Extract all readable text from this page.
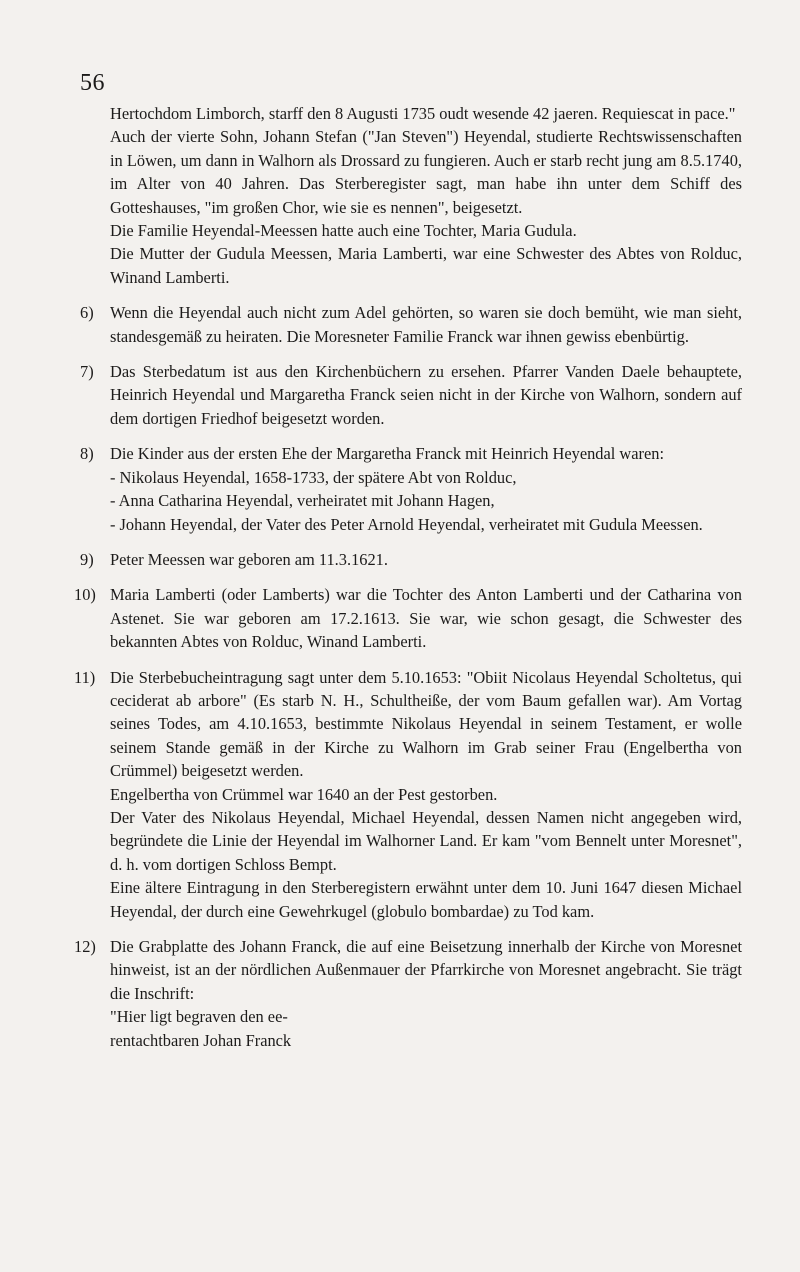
56

Hertochdom Limborch, starff den 8 Augusti 1735 oudt wesende 42 jaeren. Requiescat in pace."

Auch der vierte Sohn, Johann Stefan ("Jan Steven") Heyendal, studierte Rechtswissenschaften in Löwen, um dann in Walhorn als Drossard zu fungieren. Auch er starb recht jung am 8.5.1740, im Alter von 40 Jahren. Das Sterberegister sagt, man habe ihn unter dem Schiff des Gotteshauses, "im großen Chor, wie sie es nennen", beigesetzt.

Die Familie Heyendal-Meessen hatte auch eine Tochter, Maria Gudula.

Die Mutter der Gudula Meessen, Maria Lamberti, war eine Schwester des Abtes von Rolduc, Winand Lamberti.

6) Wenn die Heyendal auch nicht zum Adel gehörten, so waren sie doch bemüht, wie man sieht, standesgemäß zu heiraten. Die Moresneter Familie Franck war ihnen gewiss ebenbürtig.

7) Das Sterbedatum ist aus den Kirchenbüchern zu ersehen. Pfarrer Vanden Daele behauptete, Heinrich Heyendal und Margaretha Franck seien nicht in der Kirche von Walhorn, sondern auf dem dortigen Friedhof beigesetzt worden.

8) Die Kinder aus der ersten Ehe der Margaretha Franck mit Heinrich Heyendal waren:

- Nikolaus Heyendal, 1658-1733, der spätere Abt von Rolduc,
- Anna Catharina Heyendal, verheiratet mit Johann Hagen,
- Johann Heyendal, der Vater des Peter Arnold Heyendal, verheiratet mit Gudula Meessen.
9) Peter Meessen war geboren am 11.3.1621.

10) Maria Lamberti (oder Lamberts) war die Tochter des Anton Lamberti und der Catharina von Astenet. Sie war geboren am 17.2.1613. Sie war, wie schon gesagt, die Schwester des bekannten Abtes von Rolduc, Winand Lamberti.

11) Die Sterbebucheintragung sagt unter dem 5.10.1653: "Obiit Nicolaus Heyendal Scholtetus, qui ceciderat ab arbore" (Es starb N. H., Schultheiße, der vom Baum gefallen war). Am Vortag seines Todes, am 4.10.1653, bestimmte Nikolaus Heyendal in seinem Testament, er wolle seinem Stande gemäß in der Kirche zu Walhorn im Grab seiner Frau (Engelbertha von Crümmel) beigesetzt werden.

Engelbertha von Crümmel war 1640 an der Pest gestorben.

Der Vater des Nikolaus Heyendal, Michael Heyendal, dessen Namen nicht angegeben wird, begründete die Linie der Heyendal im Walhorner Land. Er kam "vom Bennelt unter Moresnet", d. h. vom dortigen Schloss Bempt.

Eine ältere Eintragung in den Sterberegistern erwähnt unter dem 10. Juni 1647 diesen Michael Heyendal, der durch eine Gewehrkugel (globulo bombardae) zu Tod kam.

12) Die Grabplatte des Johann Franck, die auf eine Beisetzung innerhalb der Kirche von Moresnet hinweist, ist an der nördlichen Außenmauer der Pfarrkirche von Moresnet angebracht. Sie trägt die Inschrift:

"Hier ligt begraven den ee-

rentachtbaren Johan Franck
